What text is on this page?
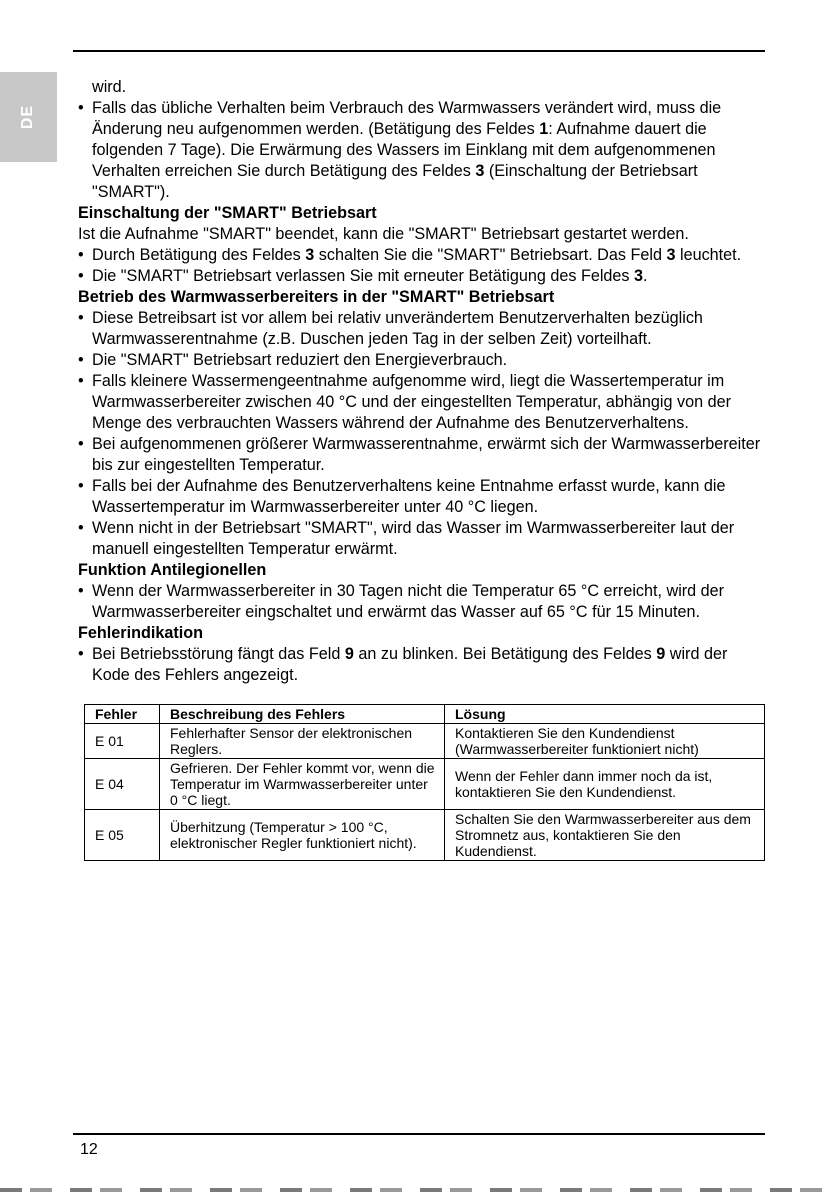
DE

wird.

• Falls das übliche Verhalten beim Verbrauch des Warmwassers verändert wird, muss die Änderung neu aufgenommen werden. (Betätigung des Feldes 1: Aufnahme dauert die folgenden 7 Tage). Die Erwärmung des Wassers im Einklang mit dem aufgenommenen Verhalten erreichen Sie durch Betätigung des Feldes 3 (Einschaltung der Betriebsart "SMART").

Einschaltung der "SMART" Betriebsart

Ist die Aufnahme "SMART" beendet, kann die "SMART" Betriebsart gestartet werden.

• Durch Betätigung des Feldes 3 schalten Sie die "SMART" Betriebsart. Das Feld 3 leuchtet.
• Die "SMART" Betriebsart verlassen Sie mit erneuter Betätigung des Feldes 3.

Betrieb des Warmwasserbereiters in der "SMART" Betriebsart

• Diese Betreibsart ist vor allem bei relativ unverändertem Benutzerverhalten bezüglich Warmwasserentnahme (z.B. Duschen jeden Tag in der selben Zeit) vorteilhaft.
• Die "SMART" Betriebsart reduziert den Energieverbrauch.
• Falls kleinere Wassermengeentnahme aufgenomme wird, liegt die Wassertemperatur im Warmwasserbereiter zwischen 40 °C und der eingestellten Temperatur, abhängig von der Menge des verbrauchten Wassers während der Aufnahme des Benutzerverhaltens.
• Bei aufgenommenen größerer Warmwasserentnahme, erwärmt sich der Warmwasserbereiter bis zur eingestellten Temperatur.
• Falls bei der Aufnahme des Benutzerverhaltens keine Entnahme erfasst wurde, kann die Wassertemperatur im Warmwasserbereiter unter 40 °C liegen.
• Wenn nicht in der Betriebsart "SMART", wird das Wasser im Warmwasserbereiter laut der manuell eingestellten Temperatur erwärmt.

Funktion Antilegionellen

• Wenn der Warmwasserbereiter in 30 Tagen nicht die Temperatur 65 °C erreicht, wird der Warmwasserbereiter eingschaltet und erwärmt das Wasser auf 65 °C für 15 Minuten.

Fehlerindikation

• Bei Betriebsstörung fängt das Feld 9 an zu blinken. Bei Betätigung des Feldes 9 wird der Kode des Fehlers angezeigt.
Fehler	Beschreibung des Fehlers	Lösung
E 01	Fehlerhafter Sensor der elektronischen Reglers.	Kontaktieren Sie den Kundendienst (Warmwasserbereiter funktioniert nicht)
E 04	Gefrieren. Der Fehler kommt vor, wenn die Temperatur im Warmwasserbereiter unter 0 °C liegt.	Wenn der Fehler dann immer noch da ist, kontaktieren Sie den Kundendienst.
E 05	Überhitzung (Temperatur > 100 °C, elektronischer Regler funktioniert nicht).	Schalten Sie den Warmwasserbereiter aus dem Stromnetz aus, kontaktieren Sie den Kudendienst.
12
